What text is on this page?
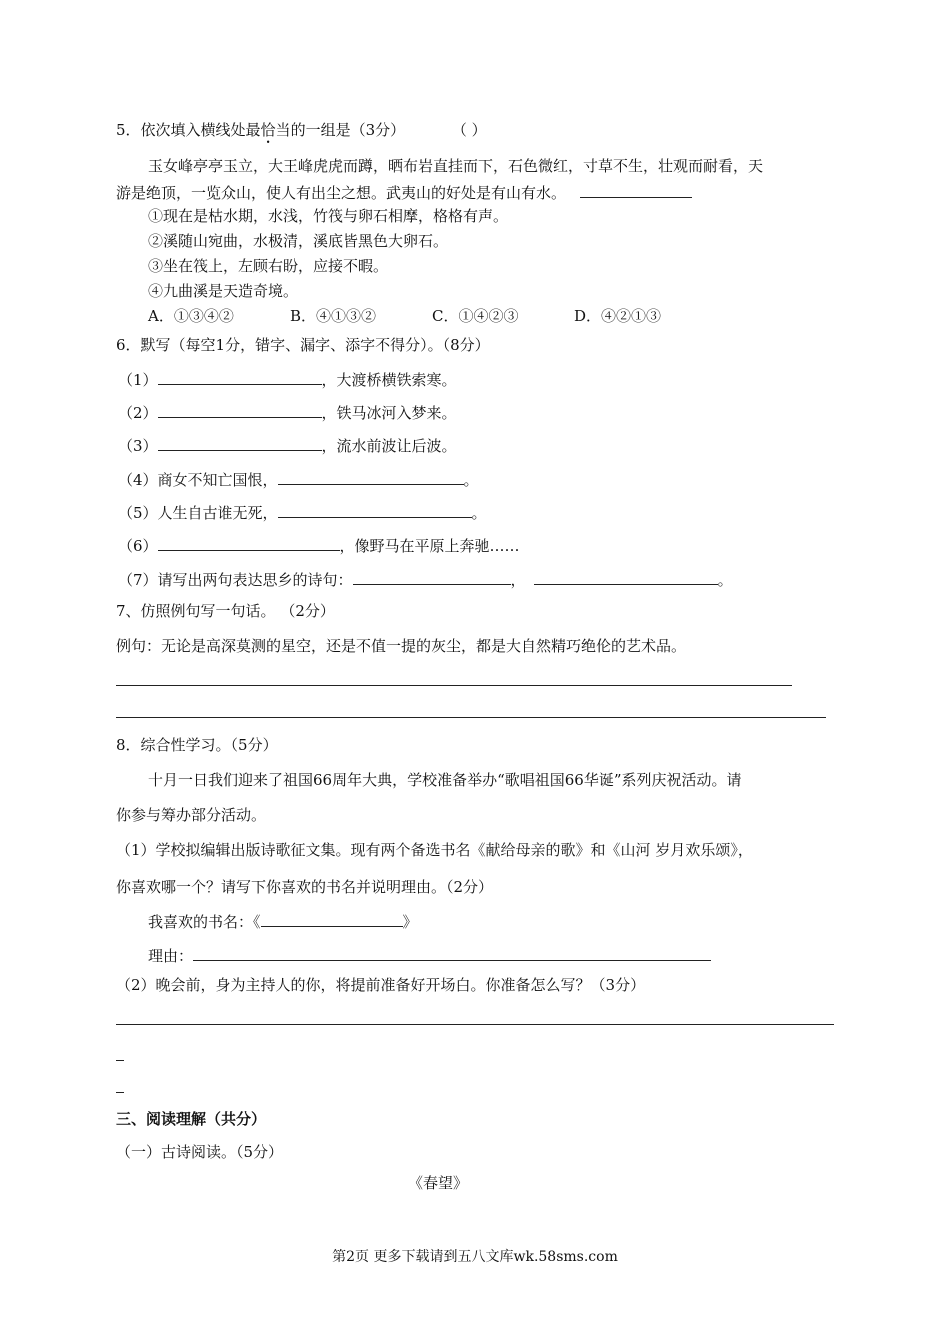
5．依次填入横线处最恰当的一组是（3分）	（ ）
玉女峰亭亭玉立，大王峰虎虎而蹲，晒布岩直挂而下，石色微红，寸草不生，壮观而耐看，天
游是绝顶，一览众山，使人有出尘之想。武夷山的好处是有山有水。
①现在是枯水期，水浅，竹筏与卵石相摩，格格有声。
②溪随山宛曲，水极清，溪底皆黑色大卵石。
③坐在筏上，左顾右盼，应接不暇。
④九曲溪是天造奇境。
A．①③④②	B．④①③②	C．①④②③	D．④②①③
6．默写（每空1分，错字、漏字、添字不得分）。（8分）
（1）	，大渡桥横铁索寒。
（2）	，铁马冰河入梦来。
（3）	，流水前波让后波。
（4）商女不知亡国恨，	。
（5）人生自古谁无死，	。
（6）	，像野马在平原上奔驰……
（7）请写出两句表达思乡的诗句：	，	。
7、仿照例句写一句话。 （2分）
例句：无论是高深莫测的星空，还是不值一提的灰尘，都是大自然精巧绝伦的艺术品。
8．综合性学习。（5分）
十月一日我们迎来了祖国66周年大典，学校准备举办“歌唱祖国66华诞”系列庆祝活动。请
你参与筹办部分活动。
（1）学校拟编辑出版诗歌征文集。现有两个备选书名《献给母亲的歌》和《山河 岁月欢乐颂》，
你喜欢哪一个？请写下你喜欢的书名并说明理由。（2分）
我喜欢的书名：《	》
理由：
（2）晚会前，身为主持人的你，将提前准备好开场白。你准备怎么写？（3分）
三、阅读理解（共分）
（一）古诗阅读。（5分）
《春望》
第2页 更多下载请到五八文库wk.58sms.com
